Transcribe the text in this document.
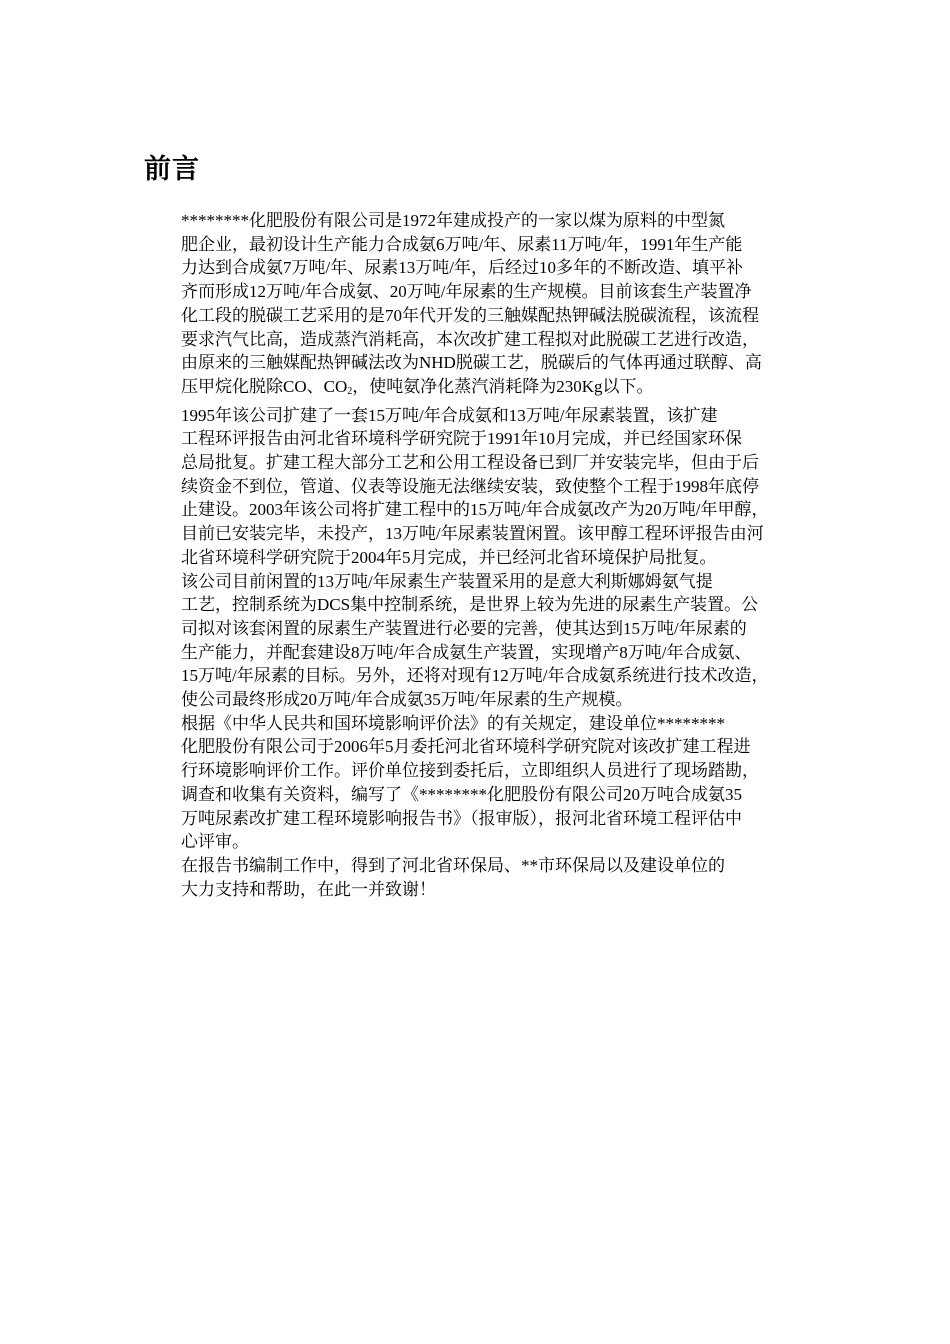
前言

********化肥股份有限公司是1972年建成投产的一家以煤为原料的中型氮
肥企业，最初设计生产能力合成氨6万吨/年、尿素11万吨/年，1991年生产能
力达到合成氨7万吨/年、尿素13万吨/年，后经过10多年的不断改造、填平补
齐而形成12万吨/年合成氨、20万吨/年尿素的生产规模。目前该套生产装置净
化工段的脱碳工艺采用的是70年代开发的三触媒配热钾碱法脱碳流程，该流程
要求汽气比高，造成蒸汽消耗高，本次改扩建工程拟对此脱碳工艺进行改造，
由原来的三触媒配热钾碱法改为NHD脱碳工艺，脱碳后的气体再通过联醇、高
压甲烷化脱除CO、$CO_2$，使吨氨净化蒸汽消耗降为230Kg以下。

1995年该公司扩建了一套15万吨/年合成氨和13万吨/年尿素装置，该扩建
工程环评报告由河北省环境科学研究院于1991年10月完成，并已经国家环保
总局批复。扩建工程大部分工艺和公用工程设备已到厂并安装完毕，但由于后
续资金不到位，管道、仪表等设施无法继续安装，致使整个工程于1998年底停
止建设。2003年该公司将扩建工程中的15万吨/年合成氨改产为20万吨/年甲醇，
目前已安装完毕，未投产，13万吨/年尿素装置闲置。该甲醇工程环评报告由河
北省环境科学研究院于2004年5月完成，并已经河北省环境保护局批复。

该公司目前闲置的13万吨/年尿素生产装置采用的是意大利斯娜姆氨气提
工艺，控制系统为DCS集中控制系统，是世界上较为先进的尿素生产装置。公
司拟对该套闲置的尿素生产装置进行必要的完善，使其达到15万吨/年尿素的
生产能力，并配套建设8万吨/年合成氨生产装置，实现增产8万吨/年合成氨、
15万吨/年尿素的目标。另外，还将对现有12万吨/年合成氨系统进行技术改造，
使公司最终形成20万吨/年合成氨35万吨/年尿素的生产规模。

根据《中华人民共和国环境影响评价法》的有关规定，建设单位********
化肥股份有限公司于2006年5月委托河北省环境科学研究院对该改扩建工程进
行环境影响评价工作。评价单位接到委托后，立即组织人员进行了现场踏勘，
调查和收集有关资料，编写了《********化肥股份有限公司20万吨合成氨35
万吨尿素改扩建工程环境影响报告书》（报审版），报河北省环境工程评估中
心评审。

在报告书编制工作中，得到了河北省环保局、**市环保局以及建设单位的
大力支持和帮助，在此一并致谢！
